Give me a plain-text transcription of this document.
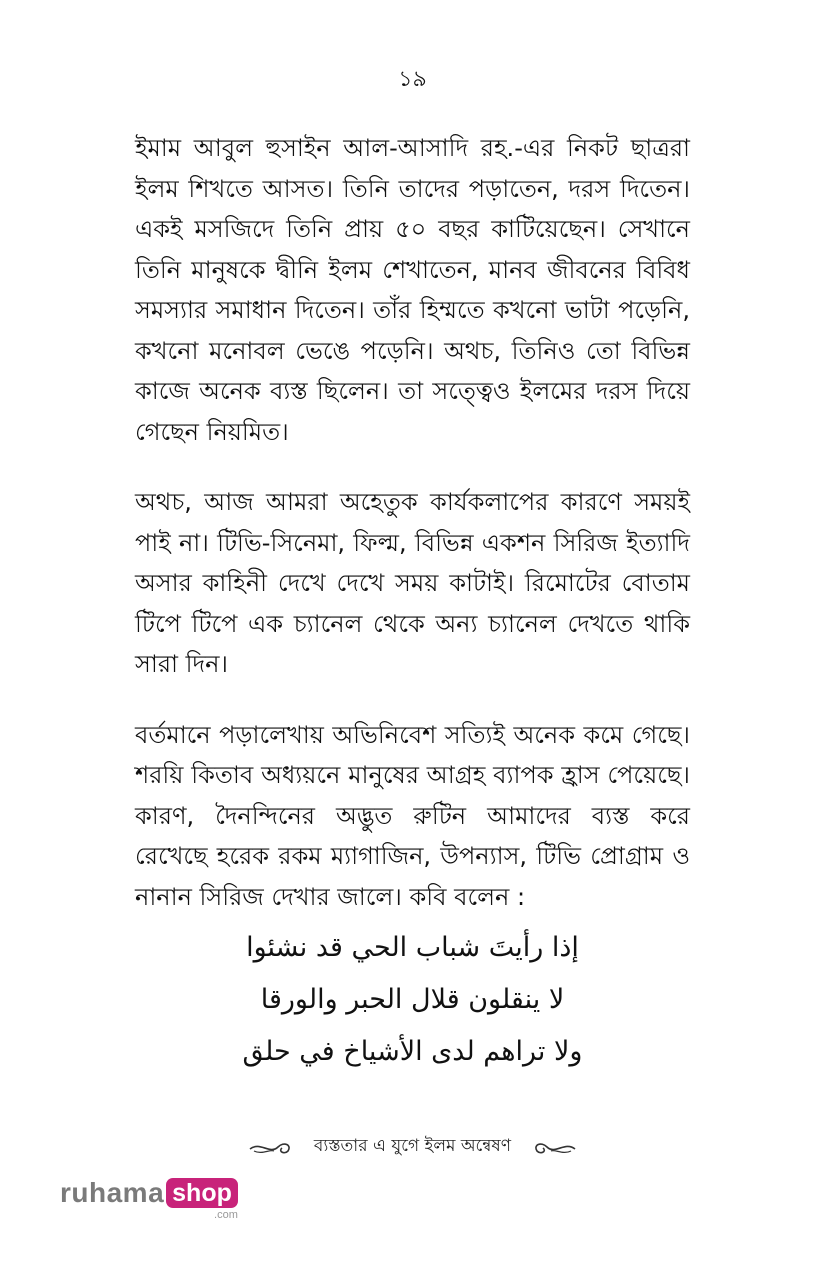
১৯

ইমাম আবুল হুসাইন আল-আসাদি রহ.-এর নিকট ছাত্ররা ইলম শিখতে আসত। তিনি তাদের পড়াতেন, দরস দিতেন। একই মসজিদে তিনি প্রায় ৫০ বছর কাটিয়েছেন। সেখানে তিনি মানুষকে দ্বীনি ইলম শেখাতেন, মানব জীবনের বিবিধ সমস্যার সমাধান দিতেন। তাঁর হিম্মতে কখনো ভাটা পড়েনি, কখনো মনোবল ভেঙে পড়েনি। অথচ, তিনিও তো বিভিন্ন কাজে অনেক ব্যস্ত ছিলেন। তা সত্ত্বেও ইলমের দরস দিয়ে গেছেন নিয়মিত।

অথচ, আজ আমরা অহেতুক কার্যকলাপের কারণে সময়ই পাই না। টিভি-সিনেমা, ফিল্ম, বিভিন্ন একশন সিরিজ ইত্যাদি অসার কাহিনী দেখে দেখে সময় কাটাই। রিমোটের বোতাম টিপে টিপে এক চ্যানেল থেকে অন্য চ্যানেল দেখতে থাকি সারা দিন।

বর্তমানে পড়ালেখায় অভিনিবেশ সত্যিই অনেক কমে গেছে। শরয়ি কিতাব অধ্যয়নে মানুষের আগ্রহ ব্যাপক হ্রাস পেয়েছে। কারণ, দৈনন্দিনের অদ্ভুত রুটিন আমাদের ব্যস্ত করে রেখেছে হরেক রকম ম্যাগাজিন, উপন্যাস, টিভি প্রোগ্রাম ও নানান সিরিজ দেখার জালে। কবি বলেন :

إذا رأيتَ شباب الحي قد نشئوا
لا ينقلون قلال الحبر والورقا
ولا تراهم لدى الأشياخ في حلق
ব্যস্ততার এ যুগে ইলম অন্বেষণ
ruhama shop
.com
